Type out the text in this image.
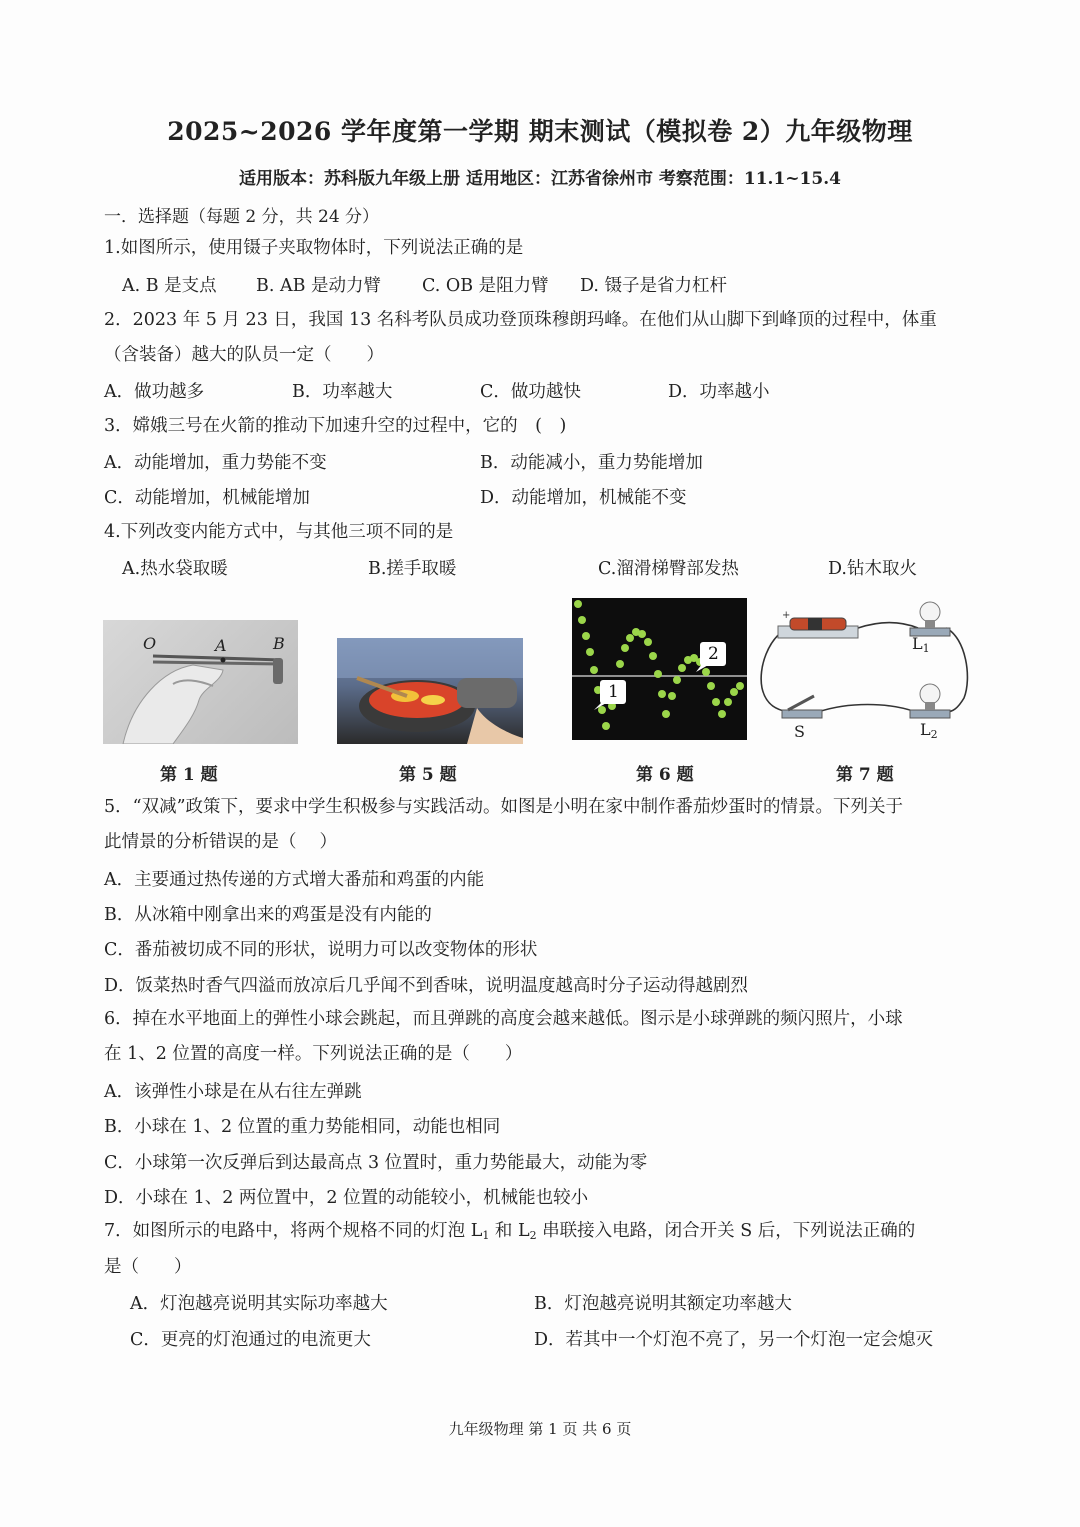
2025~2026 学年度第一学期 期末测试（模拟卷 2）九年级物理
适用版本：苏科版九年级上册 适用地区：江苏省徐州市 考察范围：11.1~15.4
一．选择题（每题 2 分，共 24 分）
1.如图所示，使用镊子夹取物体时，下列说法正确的是
A. B 是支点 B. AB 是动力臂 C. OB 是阻力臂 D. 镊子是省力杠杆
2．2023 年 5 月 23 日，我国 13 名科考队员成功登顶珠穆朗玛峰。在他们从山脚下到峰顶的过程中，体重
（含装备）越大的队员一定（　　）
A．做功越多	B．功率越大	C．做功越快	D．功率越小
3．嫦娥三号在火箭的推动下加速升空的过程中，它的　(　)
A．动能增加，重力势能不变	B．动能减小，重力势能增加
C．动能增加，机械能增加	D．动能增加，机械能不变
4.下列改变内能方式中，与其他三项不同的是
A.热水袋取暖	B.搓手取暖	C.溜滑梯臀部发热	D.钻木取火
O	A	B
1
2
+
$L_1$
S	$L_2$
第 1 题	第 5 题	第 6 题	第 7 题
5．“双减”政策下，要求中学生积极参与实践活动。如图是小明在家中制作番茄炒蛋时的情景。下列关于
此情景的分析错误的是（　 ）
A．主要通过热传递的方式增大番茄和鸡蛋的内能
B．从冰箱中刚拿出来的鸡蛋是没有内能的
C．番茄被切成不同的形状，说明力可以改变物体的形状
D．饭菜热时香气四溢而放凉后几乎闻不到香味，说明温度越高时分子运动得越剧烈
6．掉在水平地面上的弹性小球会跳起，而且弹跳的高度会越来越低。图示是小球弹跳的频闪照片，小球
在 1、2 位置的高度一样。下列说法正确的是（　　）
A．该弹性小球是在从右往左弹跳
B．小球在 1、2 位置的重力势能相同，动能也相同
C．小球第一次反弹后到达最高点 3 位置时，重力势能最大，动能为零
D．小球在 1、2 两位置中，2 位置的动能较小，机械能也较小
7．如图所示的电路中，将两个规格不同的灯泡 $L_1$ 和 $L_2$ 串联接入电路，闭合开关 S 后，下列说法正确的
是（　　）
A．灯泡越亮说明其实际功率越大	B．灯泡越亮说明其额定功率越大
C．更亮的灯泡通过的电流更大	D．若其中一个灯泡不亮了，另一个灯泡一定会熄灭
九年级物理 第 1 页 共 6 页
